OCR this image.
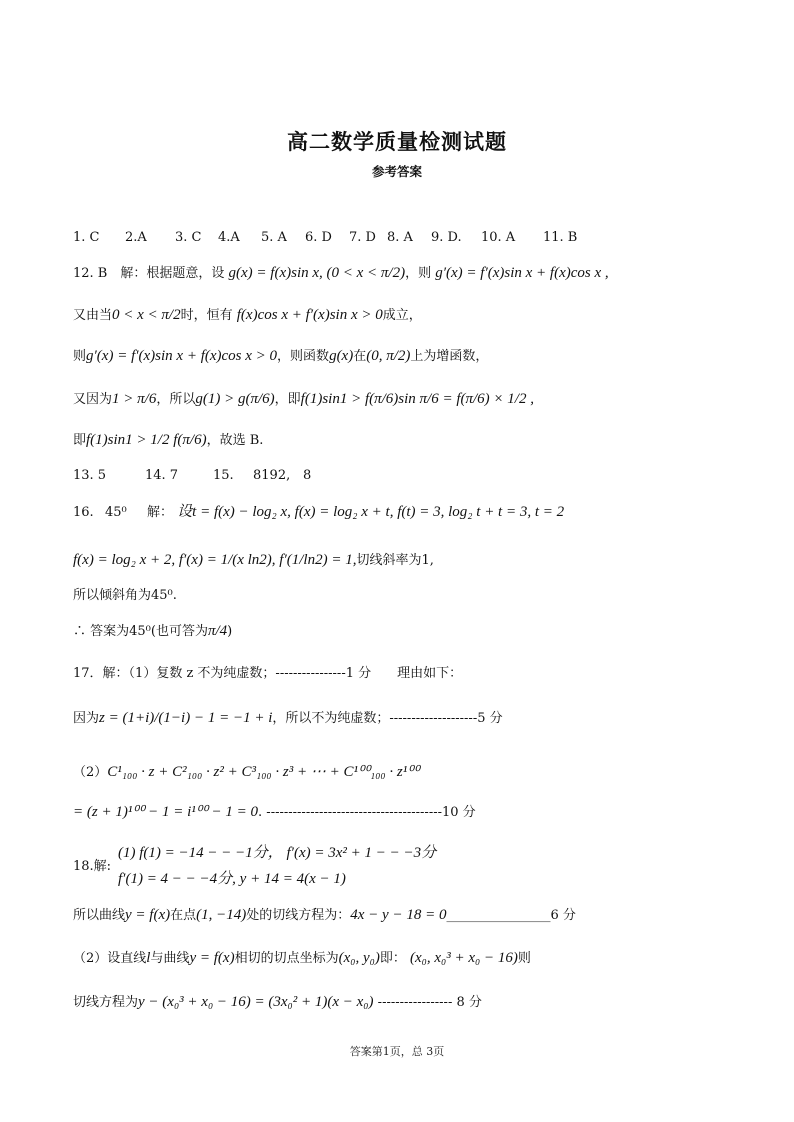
高二数学质量检测试题
参考答案
1. C 2.A 3. C 4.A 5. A 6. D 7. D 8. A 9. D. 10. A 11. B
12. B　解：根据题意，设 g(x) = f(x)sin x, (0 < x < π/2)，则 g′(x) = f′(x)sin x + f(x)cos x ,
又由当0 < x < π/2时，恒有 f(x)cos x + f′(x)sin x > 0成立，
则g′(x) = f′(x)sin x + f(x)cos x > 0，则函数g(x)在(0, π/2)上为增函数，
又因为1 > π/6，所以g(1) > g(π/6)，即f(1)sin1 > f(π/6)sin π/6 = f(π/6) × 1/2 ,
即f(1)sin1 > 1/2 f(π/6)，故选 B.
13. 5	14. 7	15. 8192, 8
16. 45⁰ 解： 设t = f(x) − log₂ x, f(x) = log₂ x + t, f(t) = 3, log₂ t + t = 3, t = 2
f(x) = log₂ x + 2, f′(x) = 1/(x ln2), f′(1/ln2) = 1,切线斜率为1,
所以倾斜角为45⁰.
∴ 答案为45⁰(也可答为π/4)
17．解：（1）复数 z 不为纯虚数；----------------1 分　　理由如下：
因为z = (1+i)/(1−i) − 1 = −1 + i，所以不为纯虚数；--------------------5 分
（2）C¹₁₀₀ · z + C²₁₀₀ · z² + C³₁₀₀ · z³ + ⋯ + C¹⁰⁰₁₀₀ · z¹⁰⁰
= (z + 1)¹⁰⁰ − 1 = i¹⁰⁰ − 1 = 0. ----------------------------------------10 分
18.解:
(1) f(1) = −14 − − −1分， f′(x) = 3x² + 1 − − −3分
f′(1) = 4 − − −4分, y + 14 = 4(x − 1)
所以曲线y = f(x)在点(1, −14)处的切线方程为：4x − y − 18 = 0________________6 分
（2）设直线l与曲线y = f(x)相切的切点坐标为(x₀, y₀)即： (x₀, x₀³ + x₀ − 16)则
切线方程为y − (x₀³ + x₀ − 16) = (3x₀² + 1)(x − x₀) ----------------- 8 分
答案第1页，总 3页
